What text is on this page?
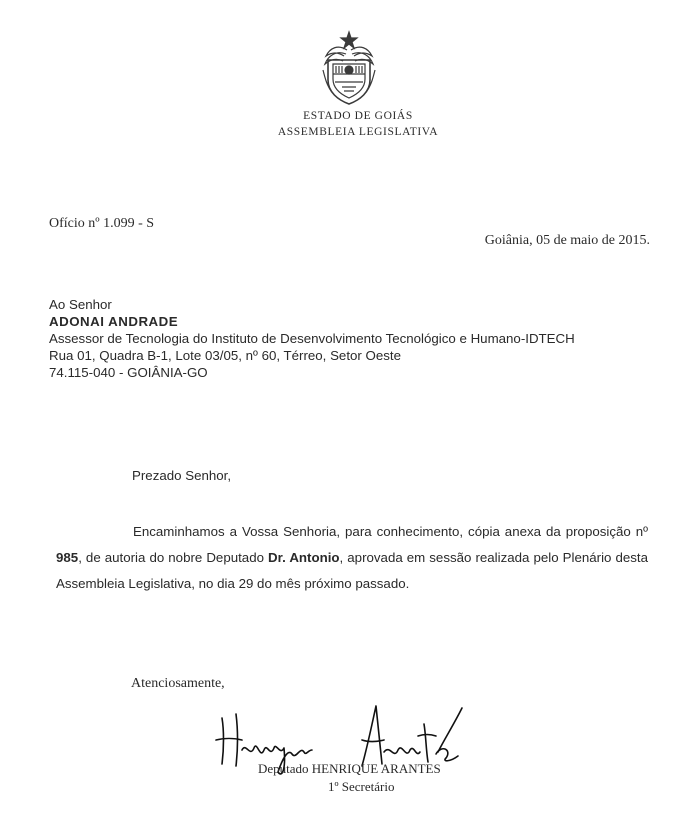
ESTADO DE GOIÁS
ASSEMBLEIA LEGISLATIVA
Ofício nº 1.099 - S
Goiânia, 05 de maio de 2015.
Ao Senhor
ADONAI ANDRADE
Assessor de Tecnologia do Instituto de Desenvolvimento Tecnológico e Humano-IDTECH
Rua 01, Quadra B-1, Lote 03/05, nº 60, Térreo, Setor Oeste
74.115-040 - GOIÂNIA-GO
Prezado Senhor,
Encaminhamos a Vossa Senhoria, para conhecimento, cópia anexa da proposição nº 985, de autoria do nobre Deputado Dr. Antonio, aprovada em sessão realizada pelo Plenário desta Assembleia Legislativa, no dia 29 do mês próximo passado.
Atenciosamente,
Deputado HENRIQUE ARANTES
1º Secretário
